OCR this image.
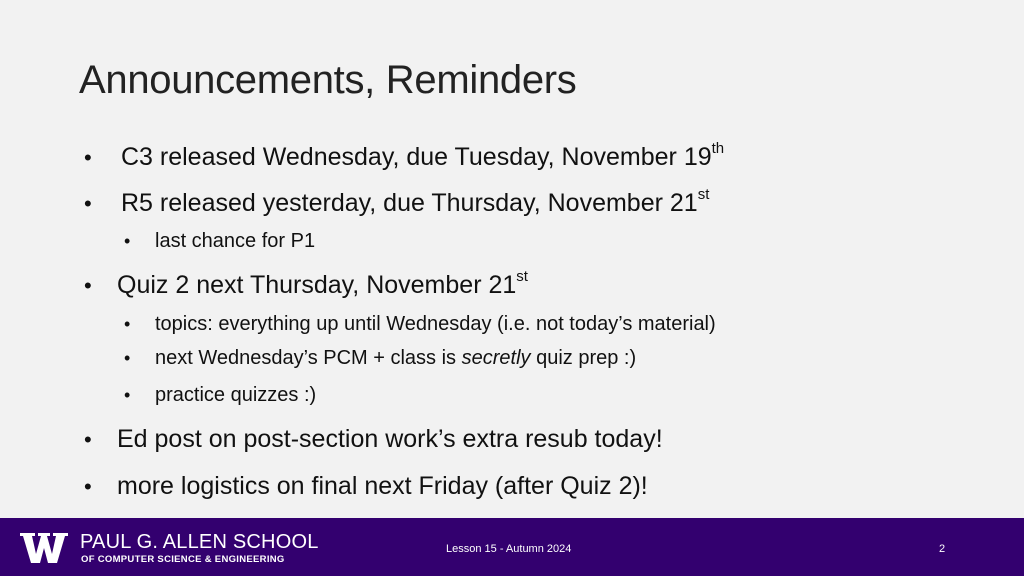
Announcements, Reminders
• C3 released Wednesday, due Tuesday, November 19th
• R5 released yesterday, due Thursday, November 21st
• last chance for P1
• Quiz 2 next Thursday, November 21st
• topics: everything up until Wednesday (i.e. not today’s material)
• next Wednesday’s PCM + class is secretly quiz prep :)
• practice quizzes :)
• Ed post on post-section work’s extra resub today!
• more logistics on final next Friday (after Quiz 2)!
PAUL G. ALLEN SCHOOL
OF COMPUTER SCIENCE & ENGINEERING
Lesson 15 - Autumn 2024	2
